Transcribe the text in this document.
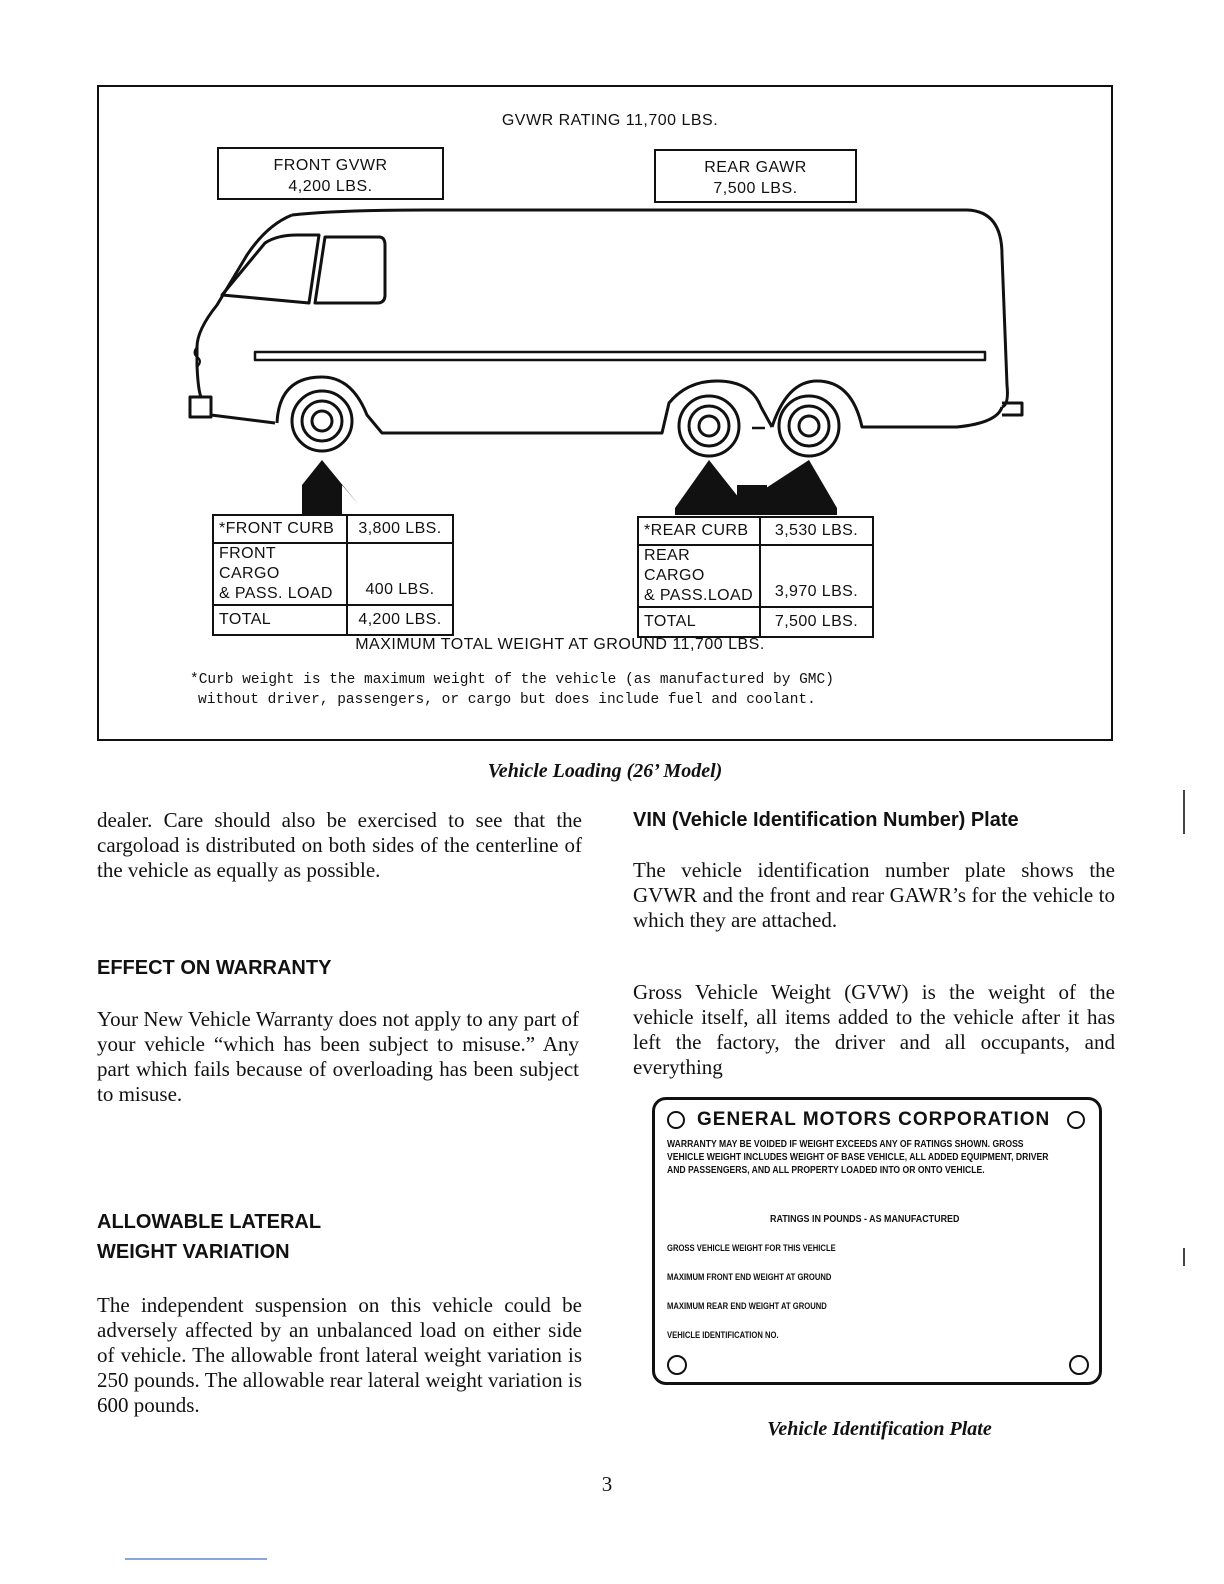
GVWR RATING 11,700 LBS.
FRONT GVWR
4,200 LBS.
REAR GAWR
7,500 LBS.
*FRONT CURB	3,800 LBS.

FRONT CARGO
& PASS. LOAD	400 LBS.
TOTAL	4,200 LBS.
*REAR CURB	3,530 LBS.

REAR CARGO
& PASS.LOAD	3,970 LBS.
TOTAL	7,500 LBS.
MAXIMUM TOTAL WEIGHT AT GROUND 11,700 LBS.
*Curb weight is the maximum weight of the vehicle (as manufactured by GMC)
without driver, passengers, or cargo but does include fuel and coolant.
Vehicle Loading (26’ Model)
dealer. Care should also be exercised to see that the cargoload is distributed on both sides of the centerline of the vehicle as equally as possible.
EFFECT ON WARRANTY
Your New Vehicle Warranty does not apply to any part of your vehicle “which has been subject to misuse.” Any part which fails because of overloading has been subject to misuse.
ALLOWABLE LATERAL
WEIGHT VARIATION
The independent suspension on this vehicle could be adversely affected by an unbalanced load on either side of vehicle. The allowable front lateral weight variation is 250 pounds. The allowable rear lateral weight variation is 600 pounds.
VIN (Vehicle Identification Number) Plate
The vehicle identification number plate shows the GVWR and the front and rear GAWR’s for the vehicle to which they are attached.
Gross Vehicle Weight (GVW) is the weight of the vehicle itself, all items added to the vehicle after it has left the factory, the driver and all occupants, and everything
GENERAL MOTORS CORPORATION
WARRANTY MAY BE VOIDED IF WEIGHT EXCEEDS ANY OF RATINGS SHOWN. GROSS
VEHICLE WEIGHT INCLUDES WEIGHT OF BASE VEHICLE, ALL ADDED EQUIPMENT, DRIVER
AND PASSENGERS, AND ALL PROPERTY LOADED INTO OR ONTO VEHICLE.
RATINGS IN POUNDS - AS MANUFACTURED
GROSS VEHICLE WEIGHT FOR THIS VEHICLE
MAXIMUM FRONT END WEIGHT AT GROUND
MAXIMUM REAR END WEIGHT AT GROUND
VEHICLE IDENTIFICATION NO.
Vehicle Identification Plate
3
